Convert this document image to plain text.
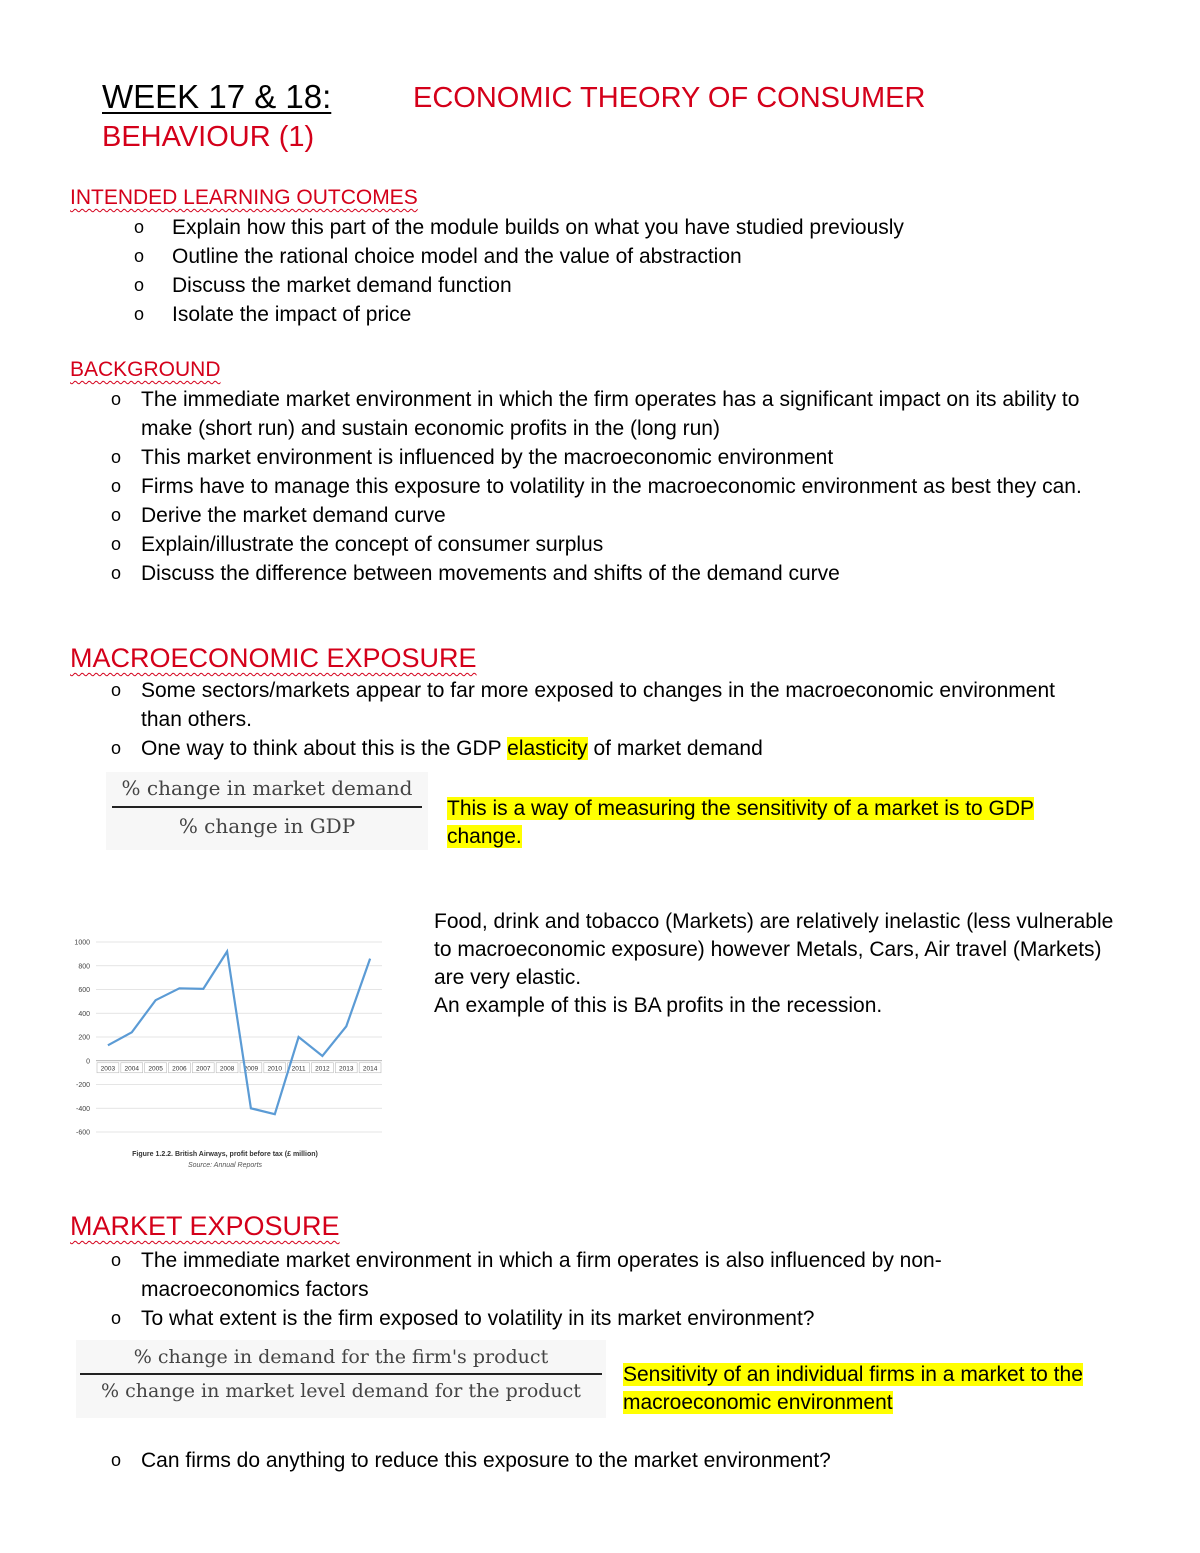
WEEK 17 & 18:	ECONOMIC THEORY OF CONSUMER
BEHAVIOUR (1)
INTENDED LEARNING OUTCOMES
o Explain how this part of the module builds on what you have studied previously
o Outline the rational choice model and the value of abstraction
o Discuss the market demand function
o Isolate the impact of price
BACKGROUND
o The immediate market environment in which the firm operates has a significant impact on its ability to make (short run) and sustain economic profits in the (long run)
o This market environment is influenced by the macroeconomic environment
o Firms have to manage this exposure to volatility in the macroeconomic environment as best they can.
o Derive the market demand curve
o Explain/illustrate the concept of consumer surplus
o Discuss the difference between movements and shifts of the demand curve
MACROECONOMIC EXPOSURE
o Some sectors/markets appear to far more exposed to changes in the macroeconomic environment than others.
o One way to think about this is the GDP elasticity of market demand
% change in market demand
% change in GDP
This is a way of measuring the sensitivity of a market is to GDP change.
1000
800
600
400
200
0
-200
-400
-600
2003 2004 2005 2006 2007 2008 2009 2010 2011 2012 2013 2014
Figure 1.2.2. British Airways, profit before tax (£ million)
Source: Annual Reports
Food, drink and tobacco (Markets) are relatively inelastic (less vulnerable to macroeconomic exposure) however Metals, Cars, Air travel (Markets) are very elastic.
An example of this is BA profits in the recession.
MARKET EXPOSURE
o The immediate market environment in which a firm operates is also influenced by non-macroeconomics factors
o To what extent is the firm exposed to volatility in its market environment?
% change in demand for the firm's product
% change in market level demand for the product
Sensitivity of an individual firms in a market to the macroeconomic environment
o Can firms do anything to reduce this exposure to the market environment?
